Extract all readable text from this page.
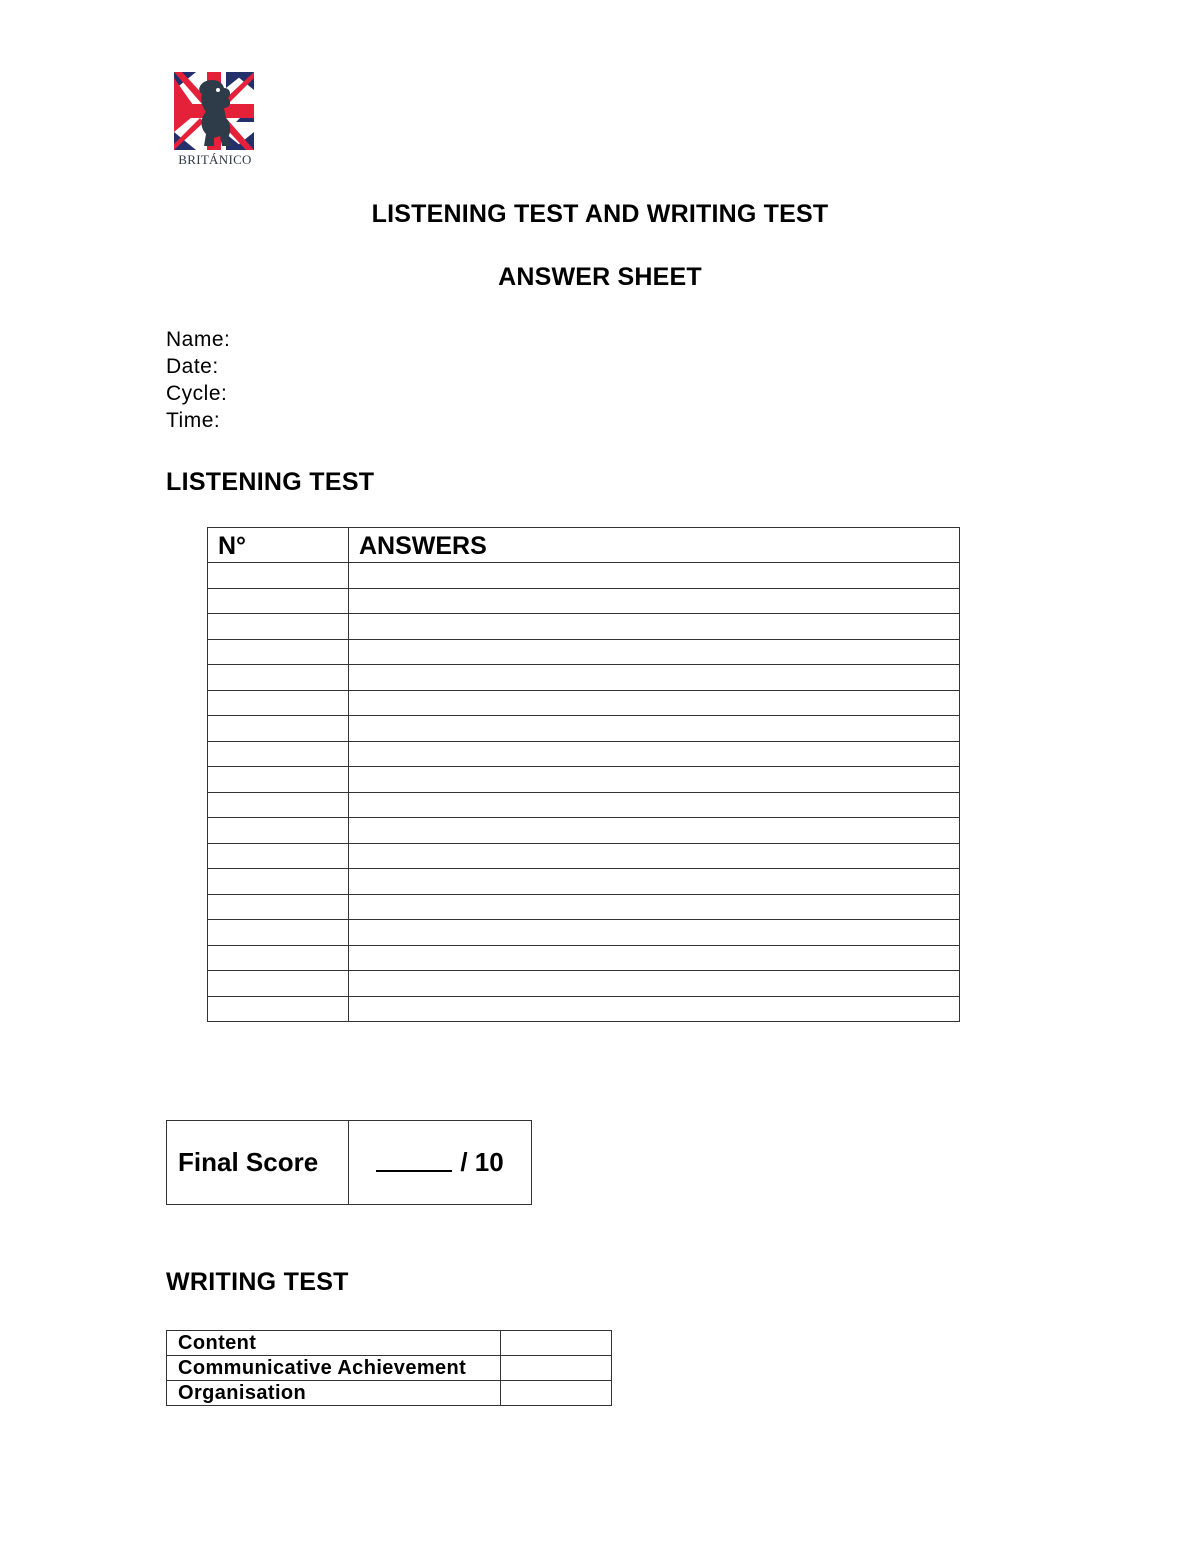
BRITÁNICO
LISTENING TEST AND WRITING TEST
ANSWER SHEET
Name:
Date:
Cycle:
Time:
LISTENING TEST
N°	ANSWERS

Final Score	/ 10
WRITING TEST
Content	
Communicative Achievement	
Organisation	
